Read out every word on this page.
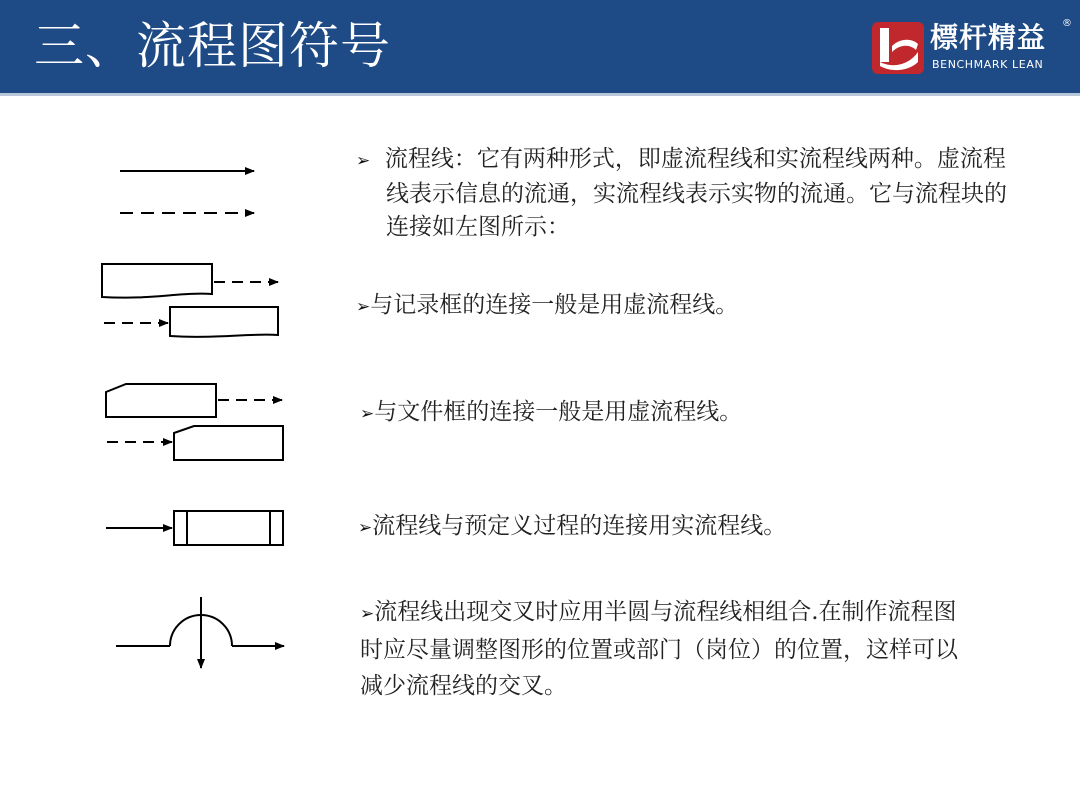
三、流程图符号	標杆精益 ®
BENCHMARK LEAN
➢ 流程线：它有两种形式，即虚流程线和实流程线两种。虚流程线表示信息的流通，实流程线表示实物的流通。它与流程块的连接如左图所示：
➢与记录框的连接一般是用虚流程线。
➢与文件框的连接一般是用虚流程线。
➢流程线与预定义过程的连接用实流程线。
➢流程线出现交叉时应用半圆与流程线相组合.在制作流程图时应尽量调整图形的位置或部门（岗位）的位置，这样可以减少流程线的交叉。
